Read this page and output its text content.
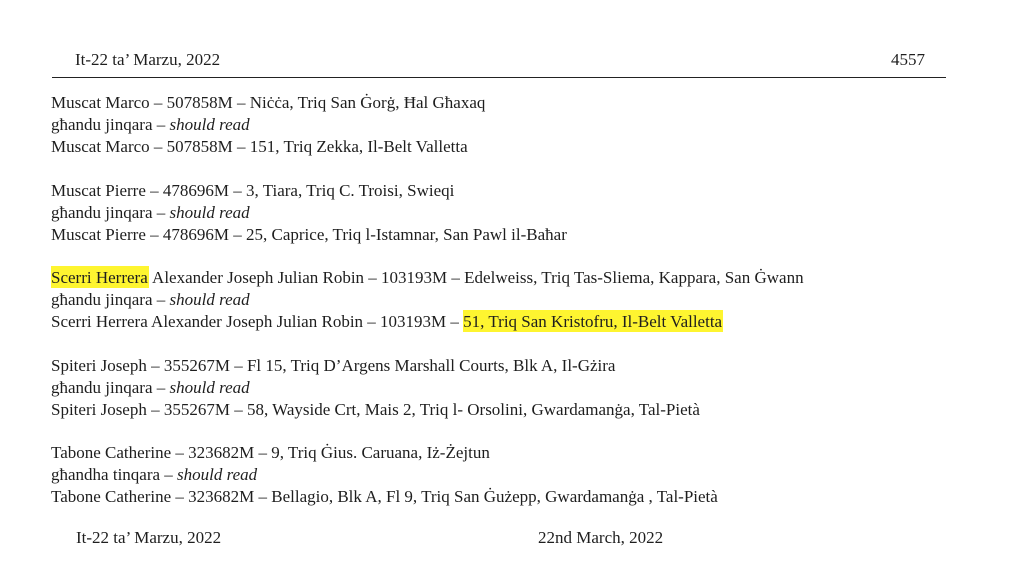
It-22 ta’ Marzu, 2022	4557
Muscat Marco – 507858M – Niċċa, Triq San Ġorġ, Ħal Għaxaq
għandu jinqara – should read
Muscat Marco – 507858M – 151, Triq Zekka, Il-Belt Valletta
Muscat Pierre – 478696M – 3, Tiara, Triq C. Troisi, Swieqi
għandu jinqara – should read
Muscat Pierre – 478696M – 25, Caprice, Triq l-Istamnar, San Pawl il-Baħar
Scerri Herrera Alexander Joseph Julian Robin – 103193M – Edelweiss, Triq Tas-Sliema, Kappara, San Ġwann
għandu jinqara – should read
Scerri Herrera Alexander Joseph Julian Robin – 103193M – 51, Triq San Kristofru, Il-Belt Valletta
Spiteri Joseph – 355267M – Fl 15, Triq D’Argens Marshall Courts, Blk A, Il-Gżira
għandu jinqara – should read
Spiteri Joseph – 355267M – 58, Wayside Crt, Mais 2, Triq l- Orsolini, Gwardamanġa, Tal-Pietà
Tabone Catherine – 323682M – 9, Triq Ġius. Caruana, Iż-Żejtun
għandha tinqara – should read
Tabone Catherine – 323682M – Bellagio, Blk A, Fl 9, Triq San Ġużepp, Gwardamanġa , Tal-Pietà
It-22 ta’ Marzu, 2022	22nd March, 2022
